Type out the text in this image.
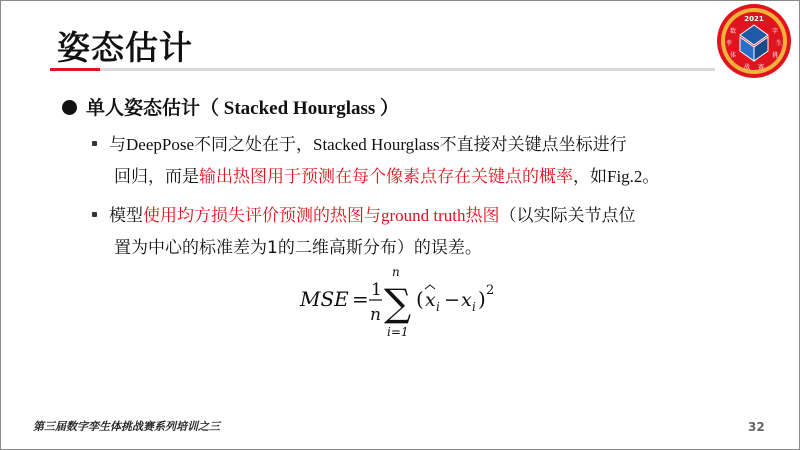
姿态估计
2021
数	字
孪	生
体	挑
战 赛
单人姿态估计（ Stacked Hourglass ）
与DeepPose不同之处在于，Stacked Hourglass不直接对关键点坐标进行
回归，而是输出热图用于预测在每个像素点存在关键点的概率，如Fig.2。
模型使用均方损失评价预测的热图与ground truth热图（以实际关节点位
置为中心的标准差为1的二维高斯分布）的误差。
MSE = 1
n
n
∑
i=1
( x i − x i ) 2
第三届数字孪生体挑战赛系列培训之三	32
